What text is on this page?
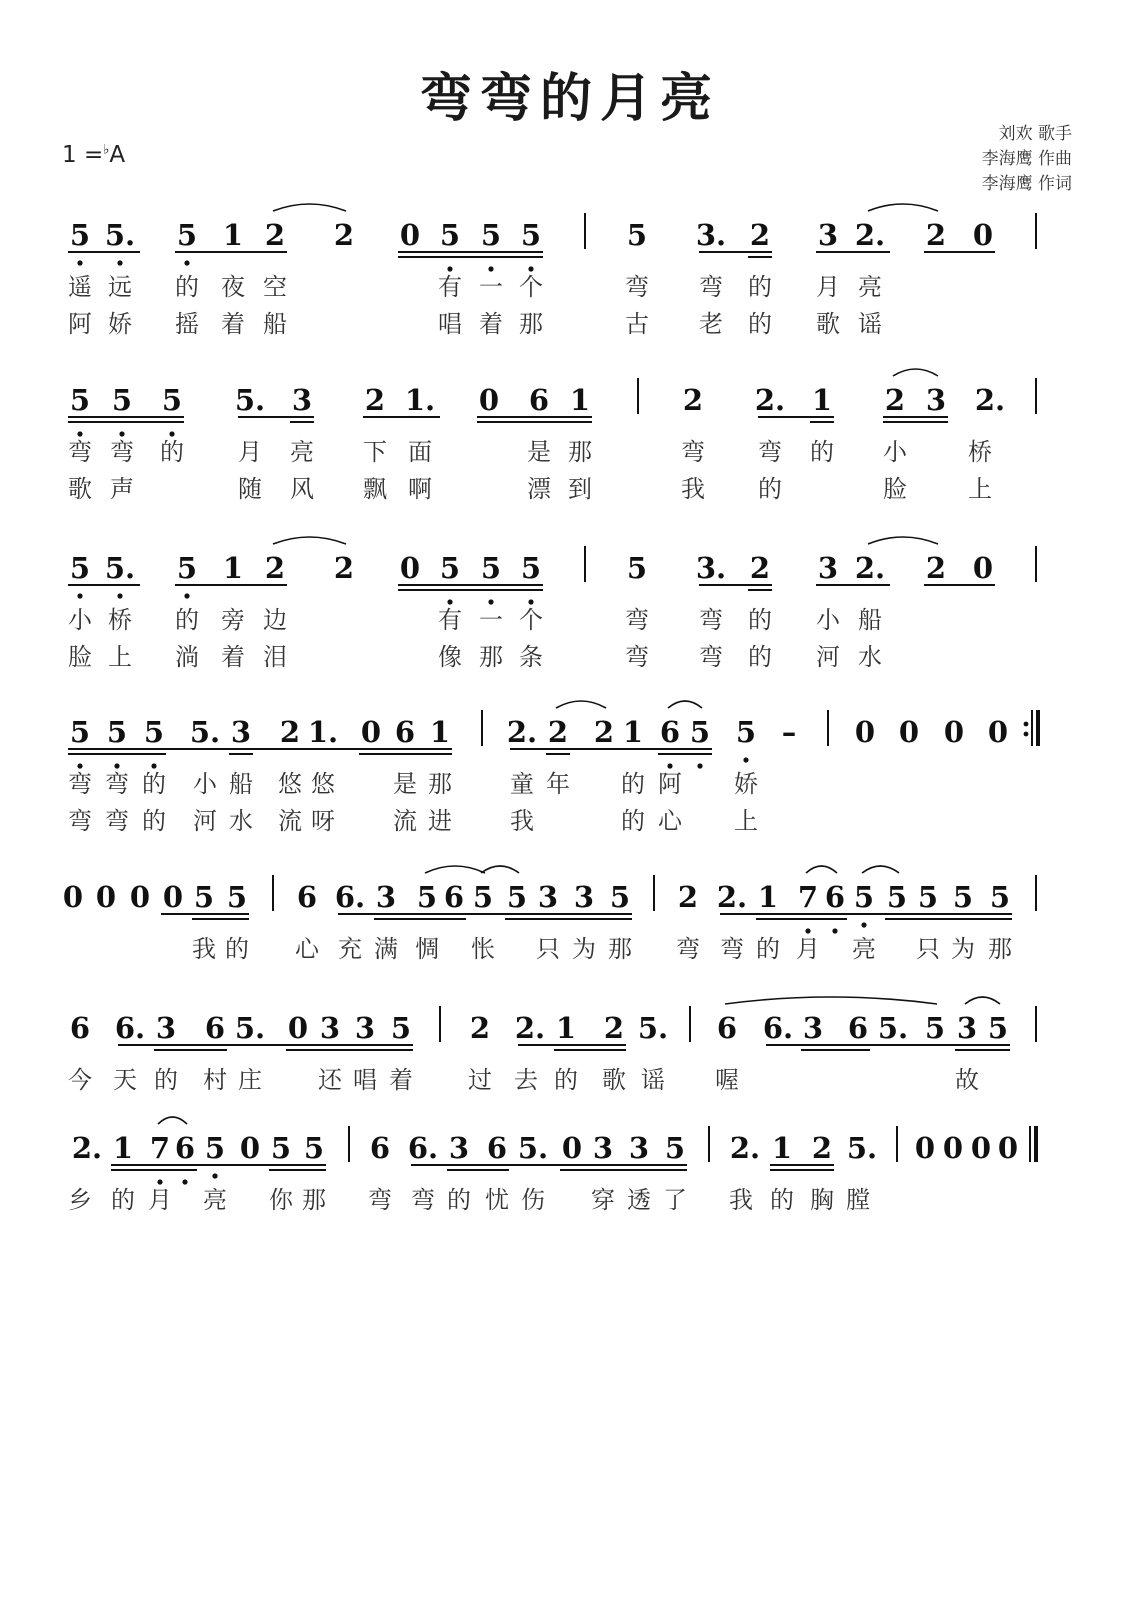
弯弯的月亮
1 =♭A
刘欢 歌手
李海鹰 作曲
李海鹰 作词
5 5. 5 1 2 2 0 5 5 5	5 3. 2 3 2. 2 0
遥 远 的 夜 空	有 一 个	弯 弯 的 月 亮
阿 娇 摇 着 船	唱 着 那	古 老 的 歌 谣
5 5 5 5. 3 2 1. 0 6 1	2 2. 1 2 3 2.
弯 弯 的 月 亮 下 面	是 那	弯 弯 的 小	桥
歌 声	随 风 飘 啊	漂 到	我 的	脸	上
5 5. 5 1 2 2 0 5 5 5	5 3. 2 3 2. 2 0
小 桥 的 旁 边	有 一 个	弯 弯 的 小 船
脸 上 淌 着 泪	像 那 条	弯 弯 的 河 水
5 5 5 5. 3 2 1. 0 6 1 2. 2 2 1 6 5 5 – 0 0 0 0
弯 弯 的 小 船 悠 悠 是 那 童 年 的 阿 娇
弯 弯 的 河 水 流 呀 流 进 我	的 心 上
0 0 0 0 5 5 6 6. 3 5 6 5 5 3 3 5 2 2. 1 7 6 5 5 5 5 5
我 的 心 充 满 惆 怅 只 为 那 弯 弯 的 月 亮 只 为 那
6 6. 3 6 5. 0 3 3 5 2 2. 1 2 5. 6 6. 3 6 5. 5 3 5
今 天 的 村 庄 还 唱 着 过 去 的 歌 谣 喔	故
2. 1 7 6 5 0 5 5 6 6. 3 6 5. 0 3 3 5 2. 1 2 5. 0 0 0 0
乡 的 月 亮 你 那 弯 弯 的 忧 伤 穿 透 了 我 的 胸 膛
